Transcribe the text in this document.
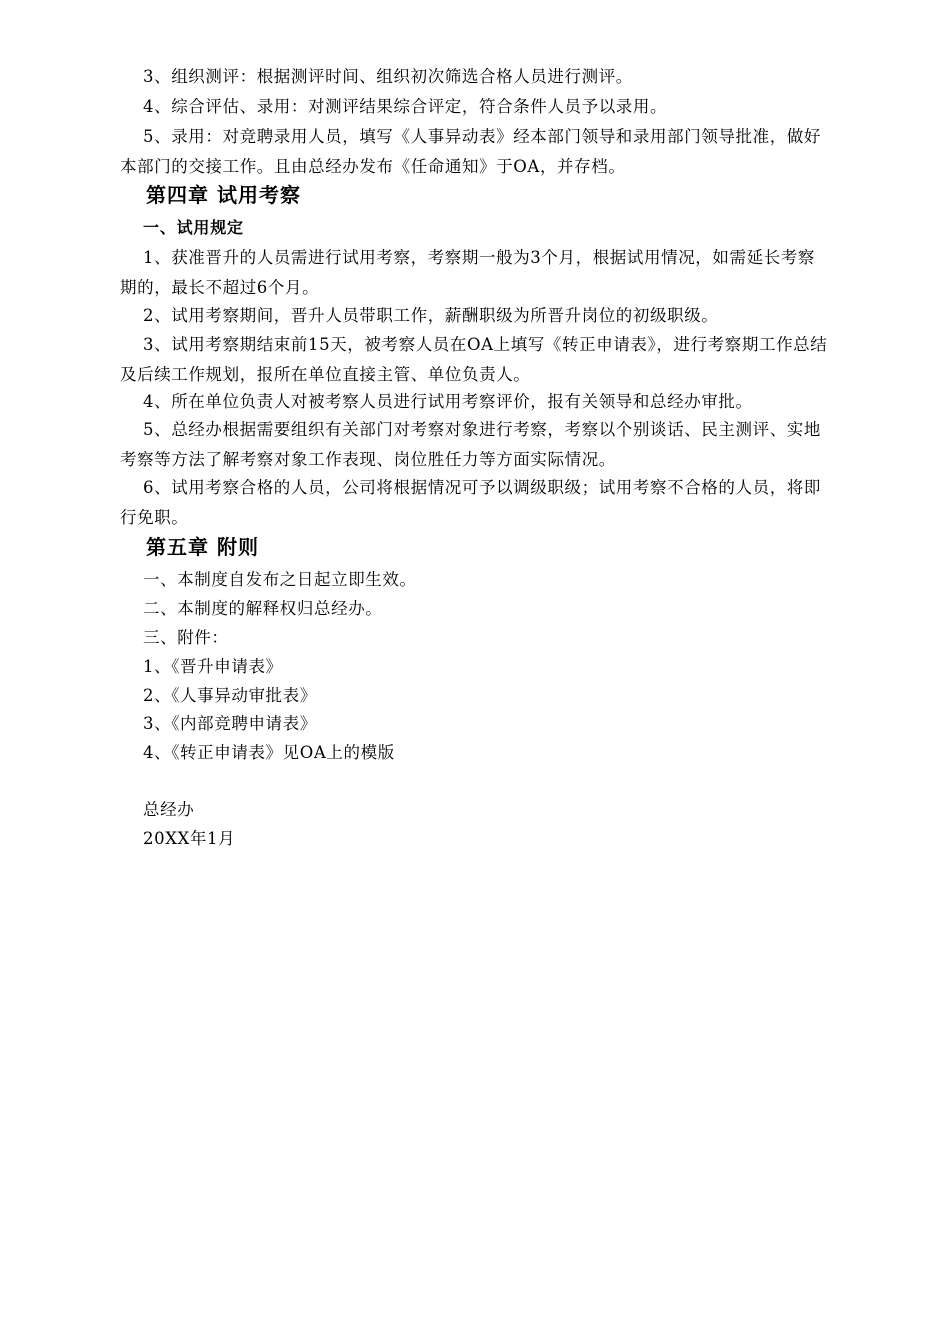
3、组织测评：根据测评时间、组织初次筛选合格人员进行测评。

4、综合评估、录用：对测评结果综合评定，符合条件人员予以录用。

5、录用：对竞聘录用人员，填写《人事异动表》经本部门领导和录用部门领导批准，做好本部门的交接工作。且由总经办发布《任命通知》于OA，并存档。

第四章 试用考察
一、试用规定

1、获准晋升的人员需进行试用考察，考察期一般为3个月，根据试用情况，如需延长考察期的，最长不超过6个月。

2、试用考察期间，晋升人员带职工作，薪酬职级为所晋升岗位的初级职级。

3、试用考察期结束前15天，被考察人员在OA上填写《转正申请表》，进行考察期工作总结及后续工作规划，报所在单位直接主管、单位负责人。

4、所在单位负责人对被考察人员进行试用考察评价，报有关领导和总经办审批。

5、总经办根据需要组织有关部门对考察对象进行考察，考察以个别谈话、民主测评、实地考察等方法了解考察对象工作表现、岗位胜任力等方面实际情况。

6、试用考察合格的人员，公司将根据情况可予以调级职级；试用考察不合格的人员，将即行免职。

第五章 附则

一、本制度自发布之日起立即生效。

二、本制度的解释权归总经办。

三、附件：

1、《晋升申请表》

2、《人事异动审批表》

3、《内部竞聘申请表》

4、《转正申请表》见OA上的模版

总经办

20XX年1月
